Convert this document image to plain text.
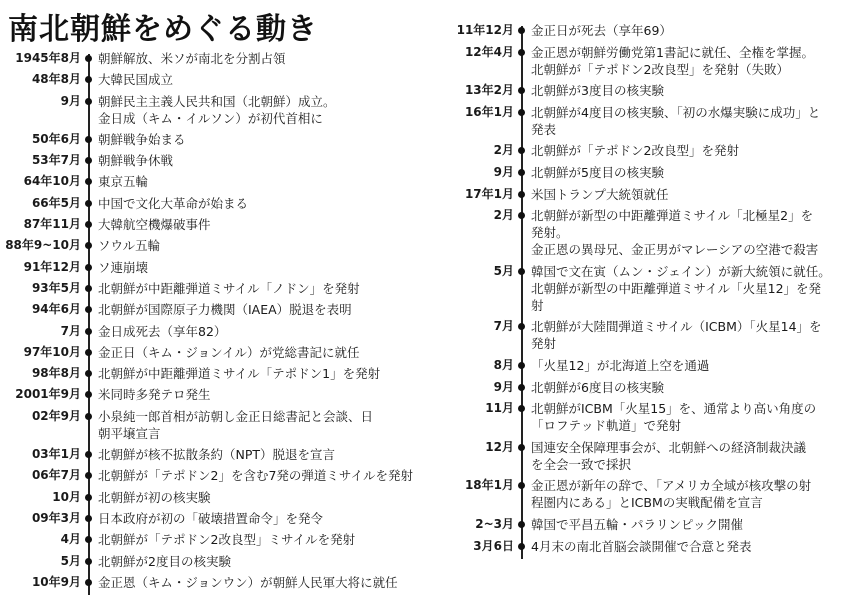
南北朝鮮をめぐる動き
1945年8月 朝鮮解放、米ソが南北を分割占領
48年8月 大韓民国成立
9月 朝鮮民主主義人民共和国（北朝鮮）成立。
金日成（キム・イルソン）が初代首相に
50年6月 朝鮮戦争始まる
53年7月 朝鮮戦争休戦
64年10月 東京五輪
66年5月 中国で文化大革命が始まる
87年11月 大韓航空機爆破事件
88年9~10月 ソウル五輪
91年12月 ソ連崩壊
93年5月 北朝鮮が中距離弾道ミサイル「ノドン」を発射
94年6月 北朝鮮が国際原子力機関（IAEA）脱退を表明
7月 金日成死去（享年82）
97年10月 金正日（キム・ジョンイル）が党総書記に就任
98年8月 北朝鮮が中距離弾道ミサイル「テポドン1」を発射
2001年9月 米同時多発テロ発生
02年9月 小泉純一郎首相が訪朝し金正日総書記と会談、日
朝平壌宣言
03年1月 北朝鮮が核不拡散条約（NPT）脱退を宣言
06年7月 北朝鮮が「テポドン2」を含む7発の弾道ミサイルを発射
10月 北朝鮮が初の核実験
09年3月 日本政府が初の「破壊措置命令」を発令
4月 北朝鮮が「テポドン2改良型」ミサイルを発射
5月 北朝鮮が2度目の核実験
10年9月 金正恩（キム・ジョンウン）が朝鮮人民軍大将に就任
11年12月 金正日が死去（享年69）
12年4月 金正恩が朝鮮労働党第1書記に就任、全権を掌握。
北朝鮮が「テポドン2改良型」を発射（失敗）
13年2月 北朝鮮が3度目の核実験
16年1月 北朝鮮が4度目の核実験、「初の水爆実験に成功」と
発表
2月 北朝鮮が「テポドン2改良型」を発射
9月 北朝鮮が5度目の核実験
17年1月 米国トランプ大統領就任
2月 北朝鮮が新型の中距離弾道ミサイル「北極星2」を
発射。
金正恩の異母兄、金正男がマレーシアの空港で殺害
5月 韓国で文在寅（ムン・ジェイン）が新大統領に就任。
北朝鮮が新型の中距離弾道ミサイル「火星12」を発
射
7月 北朝鮮が大陸間弾道ミサイル（ICBM）「火星14」を
発射
8月 「火星12」が北海道上空を通過
9月 北朝鮮が6度目の核実験
11月 北朝鮮がICBM「火星15」を、通常より高い角度の
「ロフテッド軌道」で発射
12月 国連安全保障理事会が、北朝鮮への経済制裁決議
を全会一致で採択
18年1月 金正恩が新年の辞で、「アメリカ全域が核攻撃の射
程圏内にある」とICBMの実戦配備を宣言
2~3月 韓国で平昌五輪・パラリンピック開催
3月6日 4月末の南北首脳会談開催で合意と発表
